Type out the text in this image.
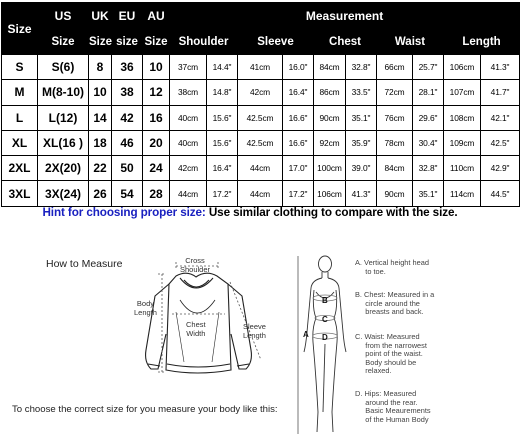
Size	US	UK	EU	AU	Measurement									
	Size	Size	size	Size	Shoulder		Sleeve		Chest		Waist		Length	
S	S(6)	8	36	10	37cm	14.4"	41cm	16.0"	84cm	32.8"	66cm	25.7"	106cm	41.3"
M	M(8-10)	10	38	12	38cm	14.8"	42cm	16.4"	86cm	33.5"	72cm	28.1"	107cm	41.7"
L	L(12)	14	42	16	40cm	15.6"	42.5cm	16.6"	90cm	35.1"	76cm	29.6"	108cm	42.1"
XL	XL(16 )	18	46	20	40cm	15.6"	42.5cm	16.6"	92cm	35.9"	78cm	30.4"	109cm	42.5"
2XL	2X(20)	22	50	24	42cm	16.4"	44cm	17.0"	100cm	39.0"	84cm	32.8"	110cm	42.9"
3XL	3X(24)	26	54	28	44cm	17.2"	44cm	17.2"	106cm	41.3"	90cm	35.1"	114cm	44.5"
Hint for choosing proper size: Use similar clothing to compare with the size.
How to Measure	Cross
Shoulder
Body
Length
Chest
Width
Sleeve
Length
To choose the correct size for you measure your body like this:
A
B
C
D
A. Vertical height head
to toe.
B. Chest: Measured in a
circle around the
breasts and back.
C. Waist: Measured
from the narrowest
point of the waist.
Body should be
relaxed.
D. Hips: Measured
around the rear.
Basic Meaurements
of the Human Body
